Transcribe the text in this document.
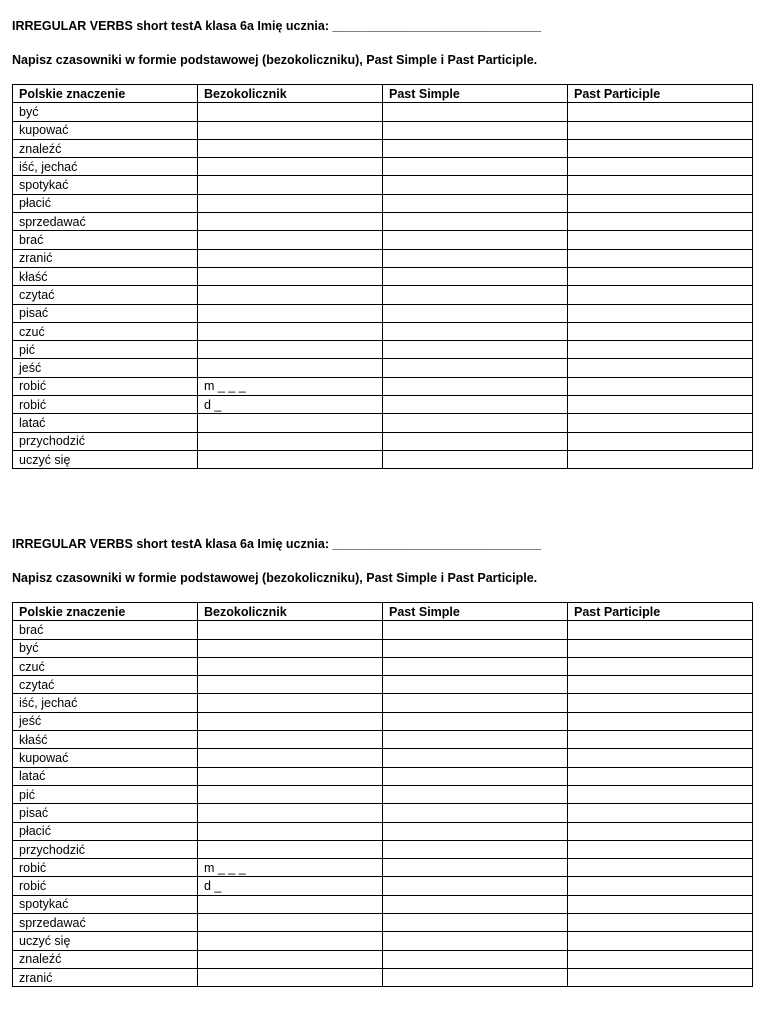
IRREGULAR VERBS short testA klasa 6a Imię ucznia: ______________________________
Napisz czasowniki w formie podstawowej (bezokoliczniku), Past Simple i Past Participle.
Polskie znaczenie	Bezokolicznik	Past Simple	Past Participle
być			
kupować			
znaleźć			
iść, jechać			
spotykać			
płacić			
sprzedawać			
brać			
zranić			
kłaść			
czytać			
pisać			
czuć			
pić			
jeść			
robić	m _ _ _		
robić	d _		
latać			
przychodzić			
uczyć się			
IRREGULAR VERBS short testA klasa 6a Imię ucznia: ______________________________
Napisz czasowniki w formie podstawowej (bezokoliczniku), Past Simple i Past Participle.
Polskie znaczenie	Bezokolicznik	Past Simple	Past Participle
brać			
być			
czuć			
czytać			
iść, jechać			
jeść			
kłaść			
kupować			
latać			
pić			
pisać			
płacić			
przychodzić			
robić	m _ _ _		
robić	d _		
spotykać			
sprzedawać			
uczyć się			
znaleźć			
zranić			
